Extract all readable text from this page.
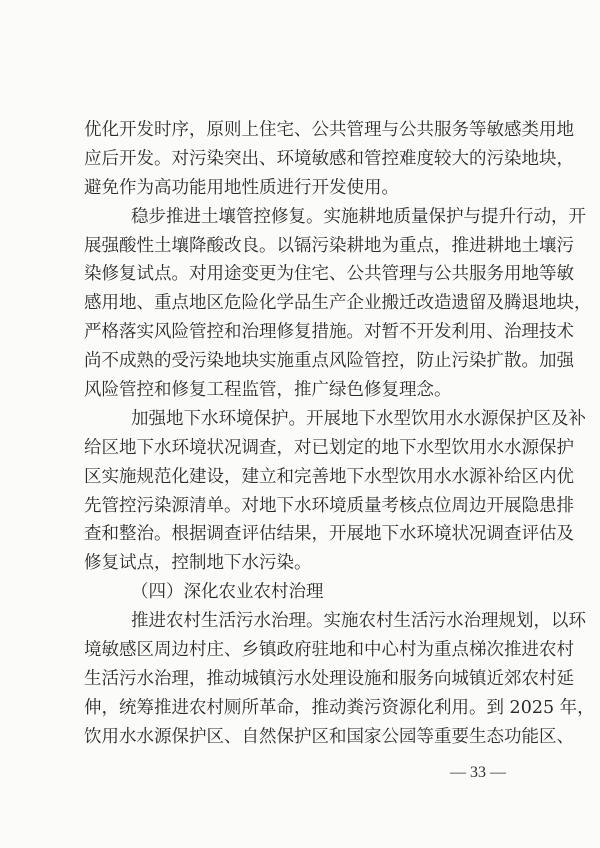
优化开发时序，原则上住宅、公共管理与公共服务等敏感类用地
应后开发。对污染突出、环境敏感和管控难度较大的污染地块，
避免作为高功能用地性质进行开发使用。
稳步推进土壤管控修复。实施耕地质量保护与提升行动，开
展强酸性土壤降酸改良。以镉污染耕地为重点，推进耕地土壤污
染修复试点。对用途变更为住宅、公共管理与公共服务用地等敏
感用地、重点地区危险化学品生产企业搬迁改造遗留及腾退地块，
严格落实风险管控和治理修复措施。对暂不开发利用、治理技术
尚不成熟的受污染地块实施重点风险管控，防止污染扩散。加强
风险管控和修复工程监管，推广绿色修复理念。
加强地下水环境保护。开展地下水型饮用水水源保护区及补
给区地下水环境状况调查，对已划定的地下水型饮用水水源保护
区实施规范化建设，建立和完善地下水型饮用水水源补给区内优
先管控污染源清单。对地下水环境质量考核点位周边开展隐患排
查和整治。根据调查评估结果，开展地下水环境状况调查评估及
修复试点，控制地下水污染。
（四）深化农业农村治理
推进农村生活污水治理。实施农村生活污水治理规划，以环
境敏感区周边村庄、乡镇政府驻地和中心村为重点梯次推进农村
生活污水治理，推动城镇污水处理设施和服务向城镇近郊农村延
伸，统筹推进农村厕所革命，推动粪污资源化利用。到 2025 年，
饮用水水源保护区、自然保护区和国家公园等重要生态功能区、
— 33 —
